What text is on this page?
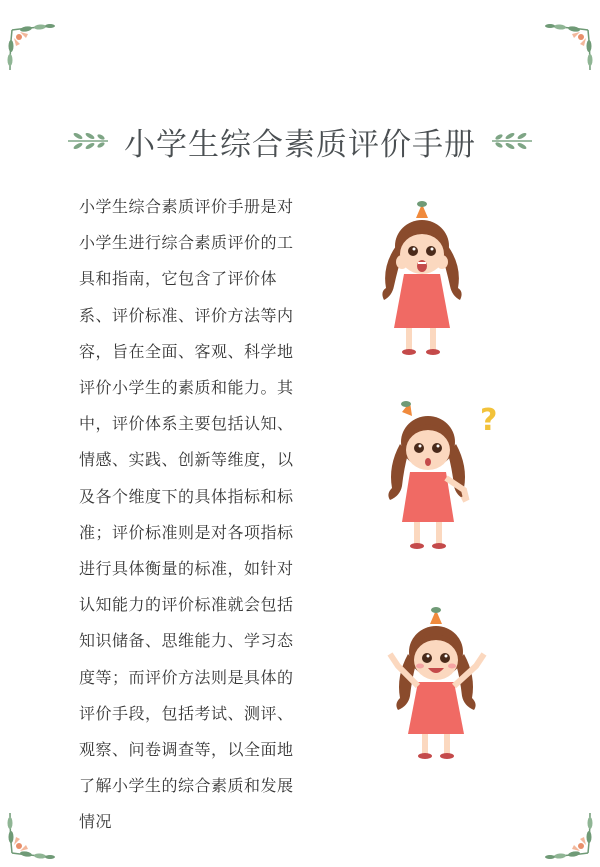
小学生综合素质评价手册
小学生综合素质评价手册是对小学生进行综合素质评价的工具和指南，它包含了评价体系、评价标准、评价方法等内容，旨在全面、客观、科学地评价小学生的素质和能力。其中，评价体系主要包括认知、情感、实践、创新等维度，以及各个维度下的具体指标和标准；评价标准则是对各项指标进行具体衡量的标准，如针对认知能力的评价标准就会包括知识储备、思维能力、学习态度等；而评价方法则是具体的评价手段，包括考试、测评、观察、问卷调查等，以全面地了解小学生的综合素质和发展情况
?
